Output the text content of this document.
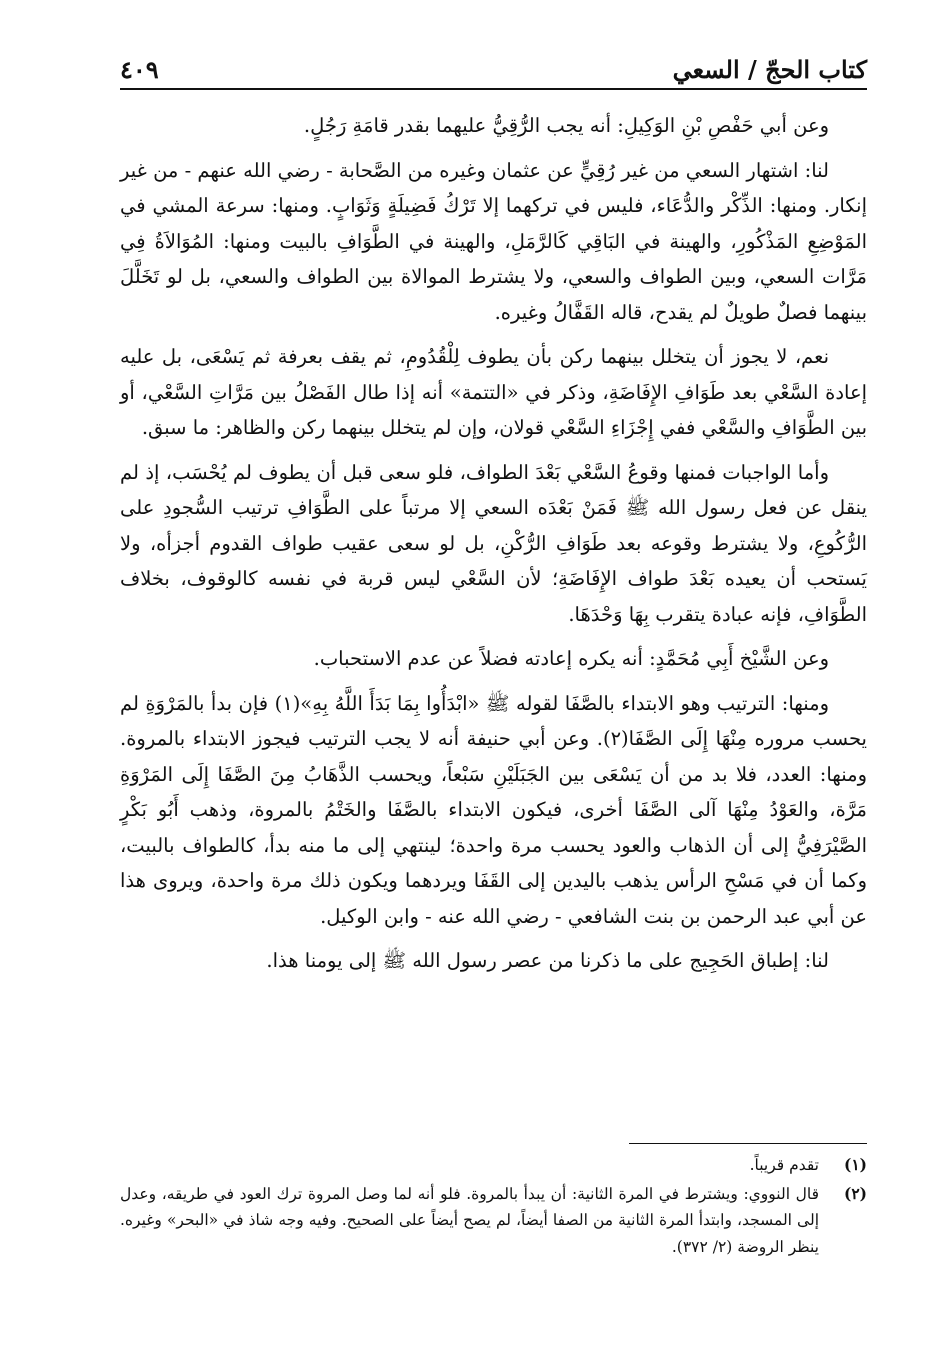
كتاب الحجّ / السعي
٤٠٩

وعن أبي حَفْصِ بْنِ الوَكِيلِ: أنه يجب الرُّقِيُّ عليهما بقدر قامَةِ رَجُلٍ.

لنا: اشتهار السعي من غير رُقِيٍّ عن عثمان وغيره من الصَّحابة - رضي الله عنهم - من غير إنكار. ومنها: الذِّكْر والدُّعَاء، فليس في تركهما إلا تَرْكُ فَضِيلَةٍ وَثَوَابٍ. ومنها: سرعة المشي في المَوْضِعِ المَذْكُورِ، والهينة في البَاقِي كَالرَّمَلِ، والهينة في الطَّوَافِ بالبيت ومنها: المُوَالاَةُ فِي مَرَّات السعي، وبين الطواف والسعي، ولا يشترط الموالاة بين الطواف والسعي، بل لو تَخَلَّلَ بينهما فصلٌ طويلٌ لم يقدح، قاله القَفَّالُ وغيره.

نعم، لا يجوز أن يتخلل بينهما ركن بأن يطوف لِلْقُدُومِ، ثم يقف بعرفة ثم يَسْعَى، بل عليه إعادة السَّعْي بعد طَوَافِ الإِفَاضَةِ، وذكر في «التتمة» أنه إذا طال الفَصْلُ بين مَرَّاتِ السَّعْي، أو بين الطَّوَافِ والسَّعْي ففي إِجْزَاءِ السَّعْي قولان، وإن لم يتخلل بينهما ركن والظاهر: ما سبق.

وأما الواجبات فمنها وقوعُ السَّعْي بَعْدَ الطواف، فلو سعى قبل أن يطوف لم يُحْسَب، إذ لم ينقل عن فعل رسول الله ﷺ فَمَنْ بَعْدَه السعي إلا مرتباً على الطَّوَافِ ترتيب السُّجودِ على الرُّكُوعِ، ولا يشترط وقوعه بعد طَوَافِ الرُّكْنِ، بل لو سعى عقيب طواف القدوم أجزأه، ولا يَستحب أن يعيده بَعْدَ طواف الإِفَاضَةِ؛ لأن السَّعْي ليس قربة في نفسه كالوقوف، بخلاف الطَّوَافِ، فإنه عبادة يتقرب بِهَا وَحْدَهَا.

وعن الشَّيْخ أَبِي مُحَمَّدٍ: أنه يكره إعادته فضلاً عن عدم الاستحباب.

ومنها: الترتيب وهو الابتداء بالصَّفَا لقوله ﷺ «ابْدَأُوا بِمَا بَدَأَ اللَّهُ بِهِ»(١) فإن بدأ بالمَرْوَةِ لم يحسب مروره مِنْهَا إِلَى الصَّفَا(٢). وعن أبي حنيفة أنه لا يجب الترتيب فيجوز الابتداء بالمروة. ومنها: العدد، فلا بد من أن يَسْعَى بين الجَبَلَيْنِ سَبْعاً، ويحسب الذَّهَابُ مِنَ الصَّفَا إِلَى المَرْوَةِ مَرَّة، والعَوْدُ مِنْهَا آلى الصَّفَا أخرى، فيكون الابتداء بالصَّفَا والخَتْمُ بالمروة، وذهب أَبُو بَكْرٍ الصَّيْرَفِيُّ إلى أن الذهاب والعود يحسب مرة واحدة؛ لينتهي إلى ما منه بدأ، كالطواف بالبيت، وكما أن في مَسْحِ الرأس يذهب باليدين إلى القَفَا ويردهما ويكون ذلك مرة واحدة، ويروى هذا عن أبي عبد الرحمن بن بنت الشافعي - رضي الله عنه - وابن الوكيل.

لنا: إطباق الحَجِيج على ما ذكرنا من عصر رسول الله ﷺ إلى يومنا هذا.

(١)
تقدم قريباً.
(٢)
قال النووي: ويشترط في المرة الثانية: أن يبدأ بالمروة. فلو أنه لما وصل المروة ترك العود في طريقه، وعدل إلى المسجد، وابتدأ المرة الثانية من الصفا أيضاً، لم يصح أيضاً على الصحيح. وفيه وجه شاذ في «البحر» وغيره. ينظر الروضة (٢/ ٣٧٢).
